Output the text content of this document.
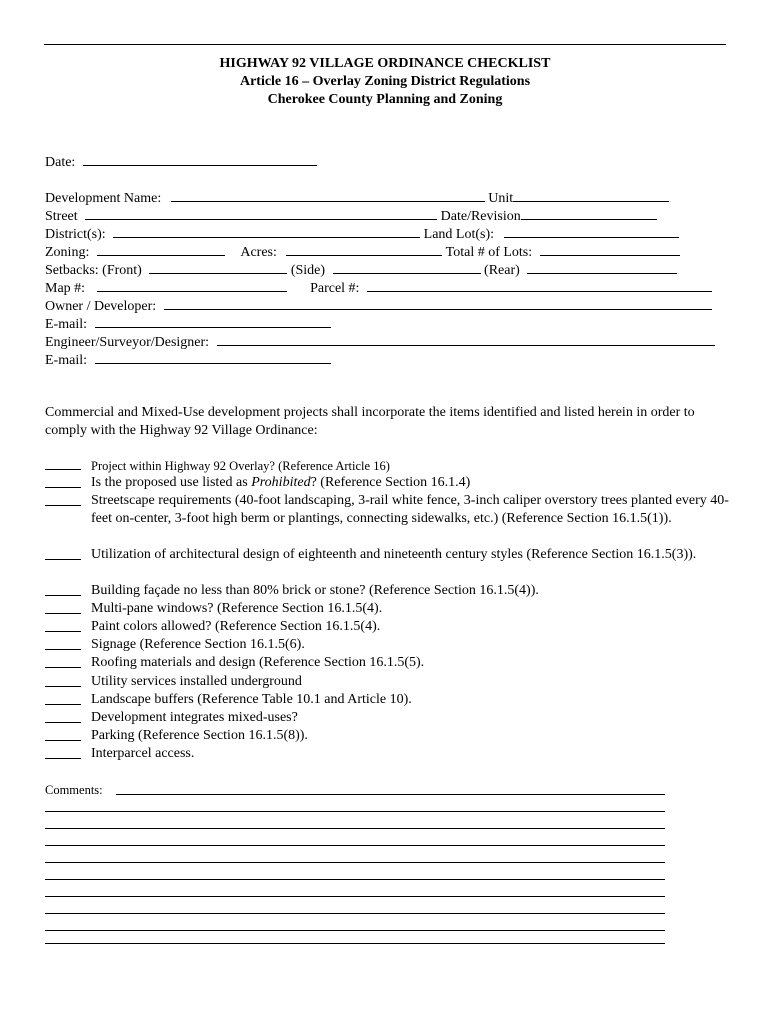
HIGHWAY 92 VILLAGE ORDINANCE CHECKLIST
Article 16 – Overlay Zoning District Regulations
Cherokee County Planning and Zoning
Date:
Development Name:	Unit
Street	Date/Revision
District(s):	Land Lot(s):
Zoning:	Acres:	Total # of Lots:
Setbacks: (Front)	(Side)	(Rear)
Map #:	Parcel #:
Owner / Developer:
E-mail:
Engineer/Surveyor/Designer:
E-mail:
Commercial and Mixed-Use development projects shall incorporate the items identified and listed herein in order to comply with the Highway 92 Village Ordinance:
Project within Highway 92 Overlay? (Reference Article 16)
Is the proposed use listed as Prohibited? (Reference Section 16.1.4)
Streetscape requirements (40-foot landscaping, 3-rail white fence, 3-inch caliper overstory trees planted every 40-feet on-center, 3-foot high berm or plantings, connecting sidewalks, etc.) (Reference Section 16.1.5(1)).
Utilization of architectural design of eighteenth and nineteenth century styles (Reference Section 16.1.5(3)).
Building façade no less than 80% brick or stone? (Reference Section 16.1.5(4)).
Multi-pane windows? (Reference Section 16.1.5(4).
Paint colors allowed? (Reference Section 16.1.5(4).
Signage (Reference Section 16.1.5(6).
Roofing materials and design (Reference Section 16.1.5(5).
Utility services installed underground
Landscape buffers (Reference Table 10.1 and Article 10).
Development integrates mixed-uses?
Parking (Reference Section 16.1.5(8)).
Interparcel access.
Comments:
